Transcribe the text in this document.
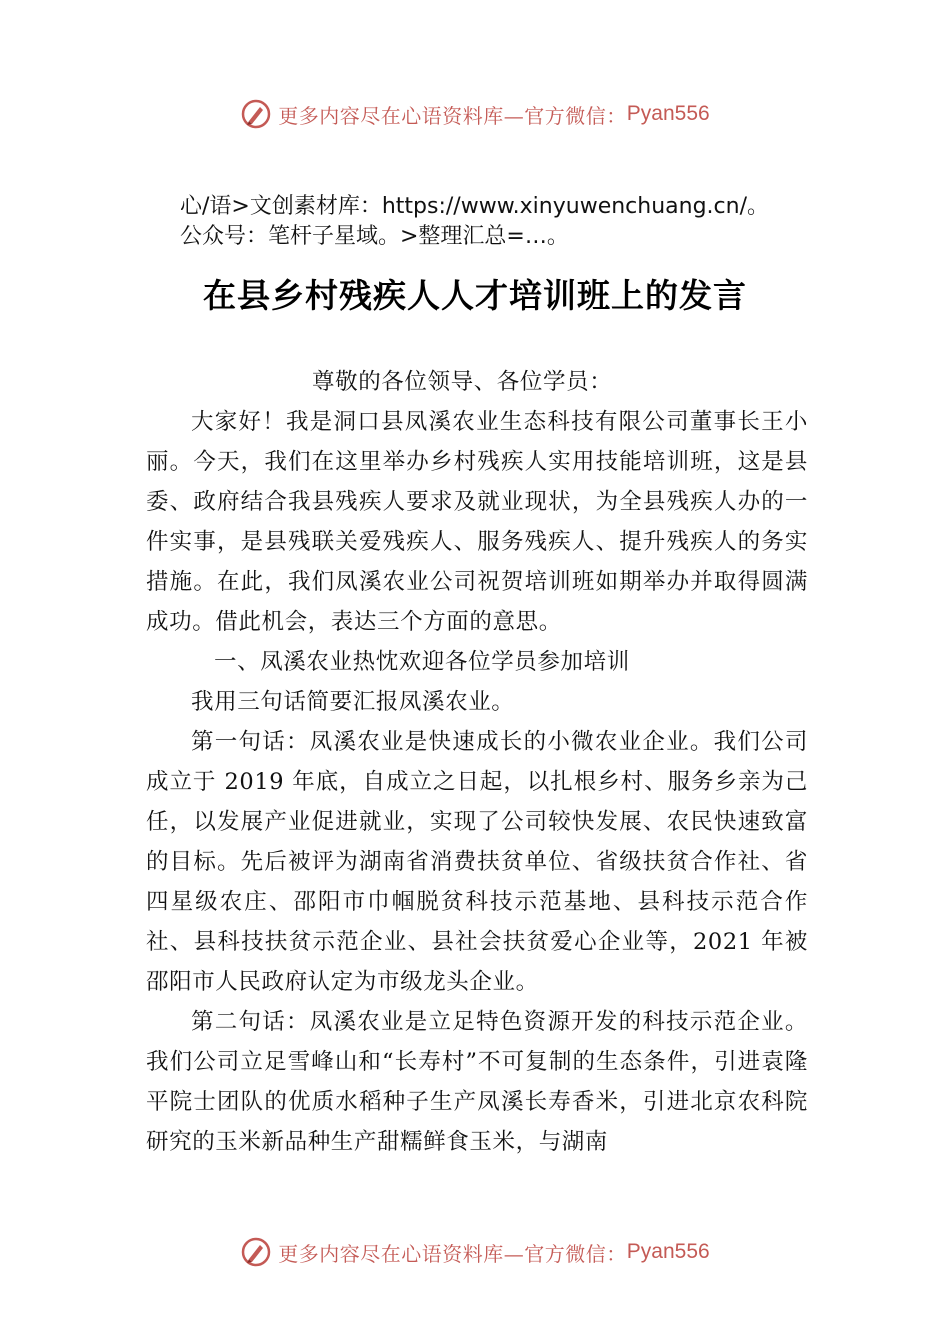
更多内容尽在心语资料库—官方微信： Pyan556
心/语>文创素材库：https://www.xinyuwenchuang.cn/。
公众号：笔杆子星域。>整理汇总=…。
在县乡村残疾人人才培训班上的发言

尊敬的各位领导、各位学员：

大家好！我是洞口县凤溪农业生态科技有限公司董事长王小丽。今天，我们在这里举办乡村残疾人实用技能培训班，这是县委、政府结合我县残疾人要求及就业现状，为全县残疾人办的一件实事，是县残联关爱残疾人、服务残疾人、提升残疾人的务实措施。在此，我们凤溪农业公司祝贺培训班如期举办并取得圆满成功。借此机会，表达三个方面的意思。

一、凤溪农业热忱欢迎各位学员参加培训

我用三句话简要汇报凤溪农业。

第一句话：凤溪农业是快速成长的小微农业企业。我们公司成立于 2019 年底，自成立之日起，以扎根乡村、服务乡亲为己任，以发展产业促进就业，实现了公司较快发展、农民快速致富的目标。先后被评为湖南省消费扶贫单位、省级扶贫合作社、省四星级农庄、邵阳市巾帼脱贫科技示范基地、县科技示范合作社、县科技扶贫示范企业、县社会扶贫爱心企业等，2021 年被邵阳市人民政府认定为市级龙头企业。

第二句话：凤溪农业是立足特色资源开发的科技示范企业。我们公司立足雪峰山和“长寿村”不可复制的生态条件，引进袁隆平院士团队的优质水稻种子生产凤溪长寿香米，引进北京农科院研究的玉米新品种生产甜糯鲜食玉米，与湖南

更多内容尽在心语资料库—官方微信： Pyan556
